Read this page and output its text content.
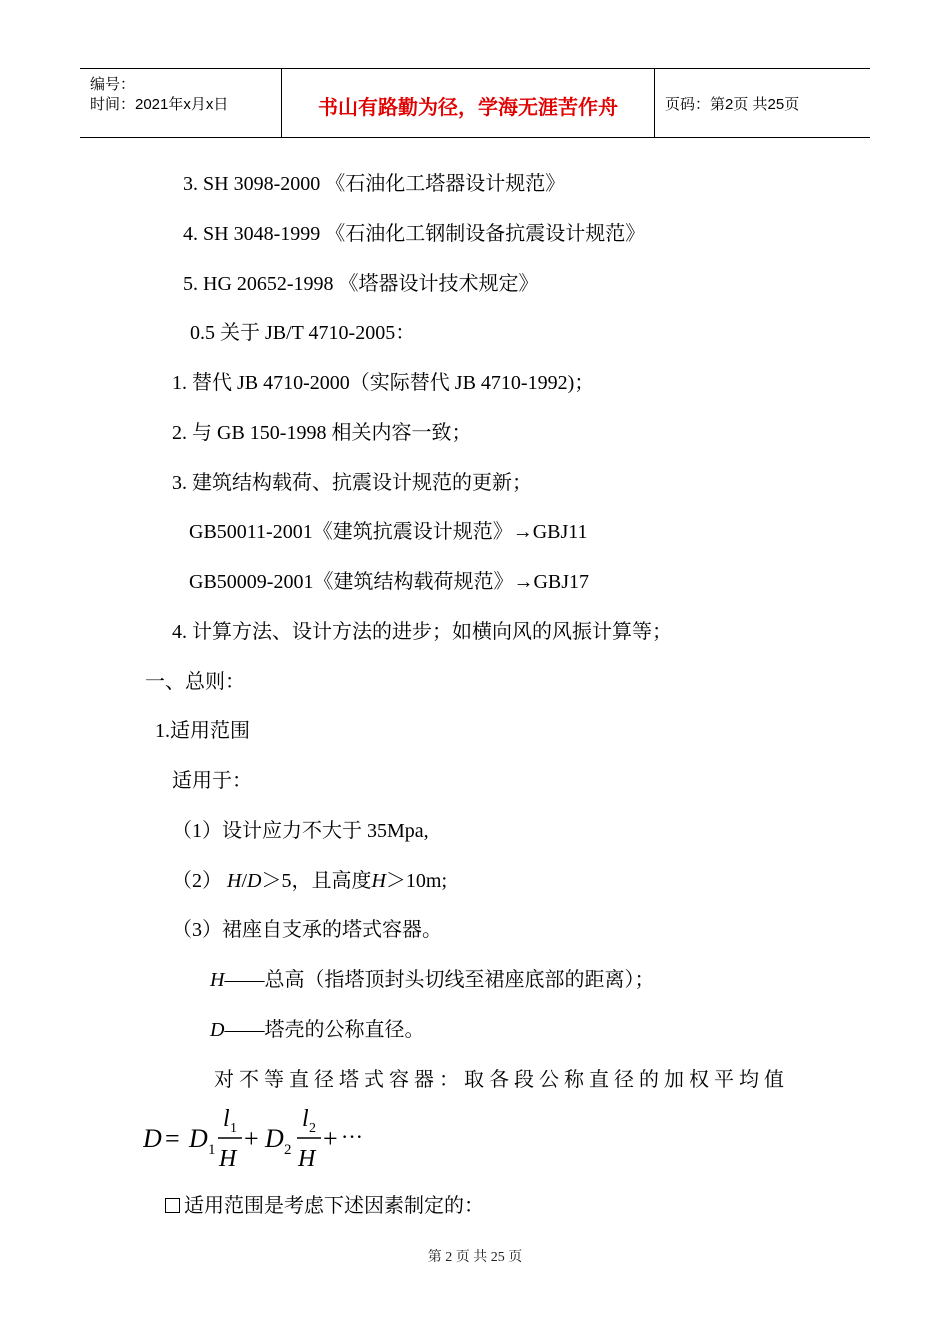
编号：
时间：2021年x月x日	书山有路勤为径，学海无涯苦作舟	页码：第2页 共25页
3. SH 3098-2000 《石油化工塔器设计规范》
4. SH 3048-1999 《石油化工钢制设备抗震设计规范》
5. HG 20652-1998 《塔器设计技术规定》
0.5 关于 JB/T 4710-2005：
1. 替代 JB 4710-2000（实际替代 JB 4710-1992)；
2. 与 GB 150-1998 相关内容一致；
3. 建筑结构载荷、抗震设计规范的更新；
GB50011-2001《建筑抗震设计规范》→GBJ11
GB50009-2001《建筑结构载荷规范》→GBJ17
4. 计算方法、设计方法的进步；如横向风的风振计算等；
一、总则：
1.适用范围
适用于：
（1）设计应力不大于 35Mpa,
（2） H/D＞5，且高度H＞10m;
（3）裙座自支承的塔式容器。
H——总高（指塔顶封头切线至裙座底部的距离）；
D——塔壳的公称直径。
对 不 等 直 径 塔 式 容 器 ： 取 各 段 公 称 直 径 的 加 权 平 均 值
D = D 1
l 1
H
+ D 2
l 2
H
+ ···
适用范围是考虑下述因素制定的：
第 2 页 共 25 页
